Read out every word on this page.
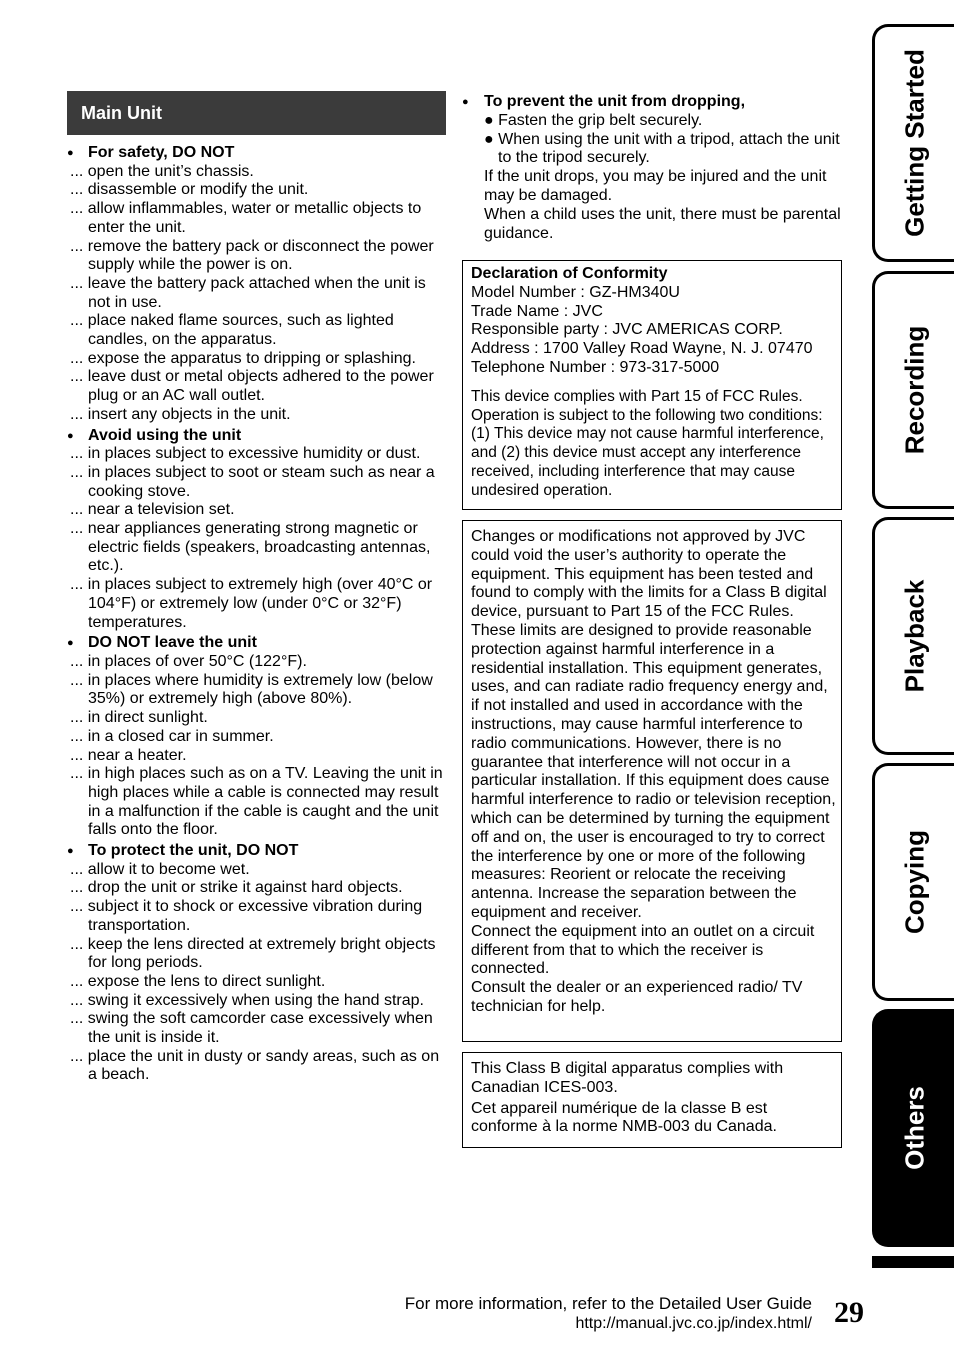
Main Unit
● For safety, DO NOT
... open the unit’s chassis.
... disassemble or modify the unit.
... allow inflammables, water or metallic objects to enter the unit.
... remove the battery pack or disconnect the power supply while the power is on.
... leave the battery pack attached when the unit is not in use.
... place naked flame sources, such as lighted candles, on the apparatus.
... expose the apparatus to dripping or splashing.
... leave dust or metal objects adhered to the power plug or an AC wall outlet.
... insert any objects in the unit.
● Avoid using the unit
... in places subject to excessive humidity or dust.
... in places subject to soot or steam such as near a cooking stove.
... near a television set.
... near appliances generating strong magnetic or electric fields (speakers, broadcasting antennas, etc.).
... in places subject to extremely high (over 40°C or 104°F) or extremely low (under 0°C or 32°F) temperatures.
● DO NOT leave the unit
... in places of over 50°C (122°F).
... in places where humidity is extremely low (below 35%) or extremely high (above 80%).
... in direct sunlight.
... in a closed car in summer.
... near a heater.
... in high places such as on a TV. Leaving the unit in high places while a cable is connected may result in a malfunction if the cable is caught and the unit falls onto the floor.
● To protect the unit, DO NOT
... allow it to become wet.
... drop the unit or strike it against hard objects.
... subject it to shock or excessive vibration during transportation.
... keep the lens directed at extremely bright objects for long periods.
... expose the lens to direct sunlight.
... swing it excessively when using the hand strap.
... swing the soft camcorder case excessively when the unit is inside it.
... place the unit in dusty or sandy areas, such as on a beach.
● To prevent the unit from dropping,
● Fasten the grip belt securely.
● When using the unit with a tripod, attach the unit to the tripod securely.
If the unit drops, you may be injured and the unit may be damaged.
When a child uses the unit, there must be parental guidance.
Declaration of Conformity
Model Number : GZ-HM340U
Trade Name : JVC
Responsible party : JVC AMERICAS CORP.
Address : 1700 Valley Road Wayne, N. J. 07470
Telephone Number : 973-317-5000
This device complies with Part 15 of FCC Rules. Operation is subject to the following two conditions: (1) This device may not cause harmful interference, and (2) this device must accept any interference received, including interference that may cause undesired operation.
Changes or modifications not approved by JVC could void the user’s authority to operate the equipment. This equipment has been tested and found to comply with the limits for a Class B digital device, pursuant to Part 15 of the FCC Rules. These limits are designed to provide reasonable protection against harmful interference in a residential installation. This equipment generates, uses, and can radiate radio frequency energy and, if not installed and used in accordance with the instructions, may cause harmful interference to radio communications. However, there is no guarantee that interference will not occur in a particular installation. If this equipment does cause harmful interference to radio or television reception, which can be determined by turning the equipment off and on, the user is encouraged to try to correct the interference by one or more of the following measures: Reorient or relocate the receiving antenna. Increase the separation between the equipment and receiver.
Connect the equipment into an outlet on a circuit different from that to which the receiver is connected.
Consult the dealer or an experienced radio/ TV technician for help.
This Class B digital apparatus complies with Canadian ICES-003.
Cet appareil numérique de la classe B est conforme à la norme NMB-003 du Canada.
Getting Started
Recording
Playback
Copying
Others
For more information, refer to the Detailed User Guide
http://manual.jvc.co.jp/index.html/ 29
